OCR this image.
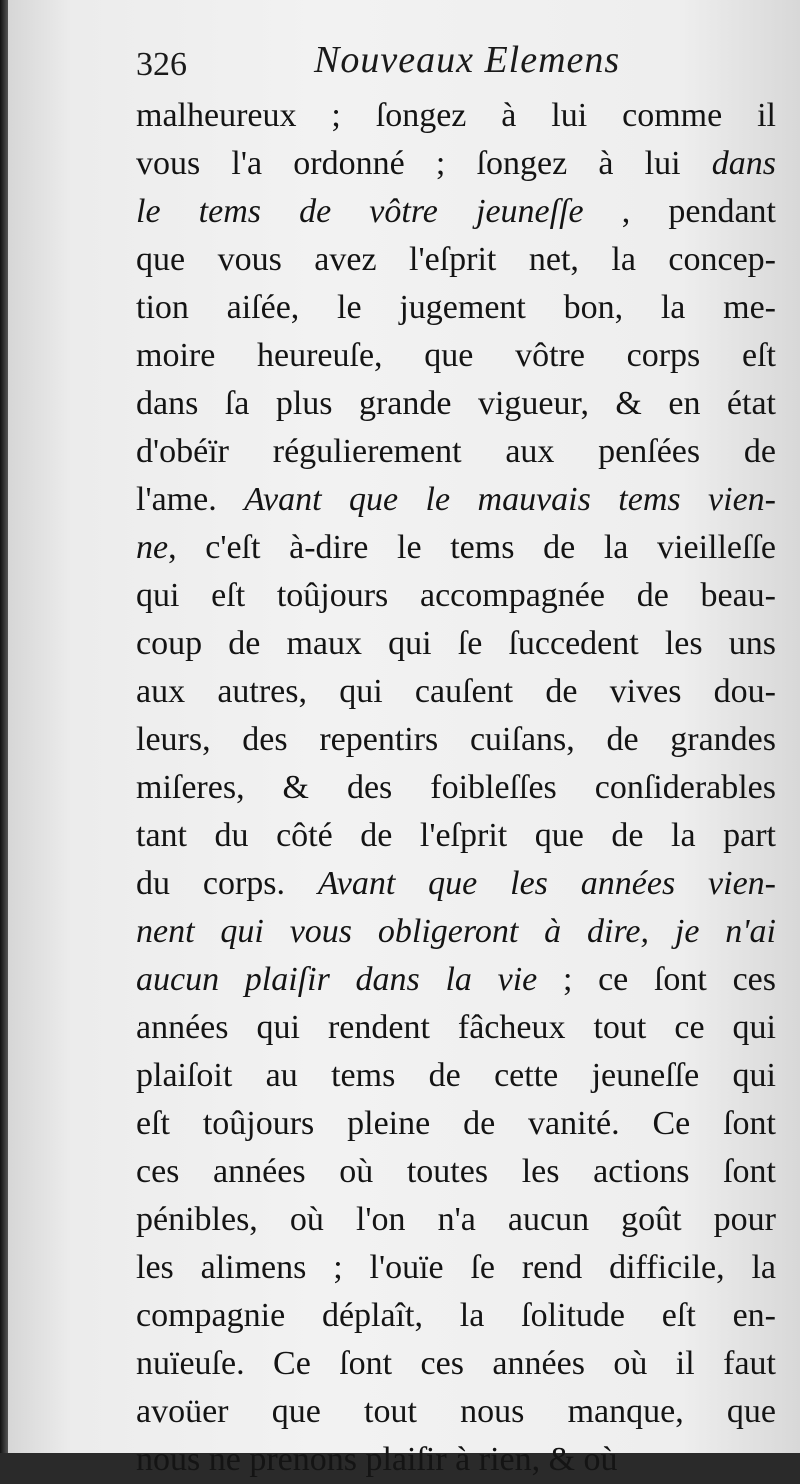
326	Nouveaux Elemens
malheureux ; ſongez à lui comme il
vous l'a ordonné ; ſongez à lui dans
le tems de vôtre jeuneſſe , pendant
que vous avez l'eſprit net, la concep-
tion aiſée, le jugement bon, la me-
moire heureuſe, que vôtre corps eſt
dans ſa plus grande vigueur, & en état
d'obéïr régulierement aux penſées de
l'ame. Avant que le mauvais tems vien-
ne, c'eſt à-dire le tems de la vieilleſſe
qui eſt toûjours accompagnée de beau-
coup de maux qui ſe ſuccedent les uns
aux autres, qui cauſent de vives dou-
leurs, des repentirs cuiſans, de grandes
miſeres, & des foibleſſes conſiderables
tant du côté de l'eſprit que de la part
du corps. Avant que les années vien-
nent qui vous obligeront à dire, je n'ai
aucun plaiſir dans la vie ; ce ſont ces
années qui rendent fâcheux tout ce qui
plaiſoit au tems de cette jeuneſſe qui
eſt toûjours pleine de vanité. Ce ſont
ces années où toutes les actions ſont
pénibles, où l'on n'a aucun goût pour
les alimens ; l'ouïe ſe rend difficile, la
compagnie déplaît, la ſolitude eſt en-
nuïeuſe. Ce ſont ces années où il faut
avoüer que tout nous manque, que
nous ne prenons plaiſir à rien, & où
